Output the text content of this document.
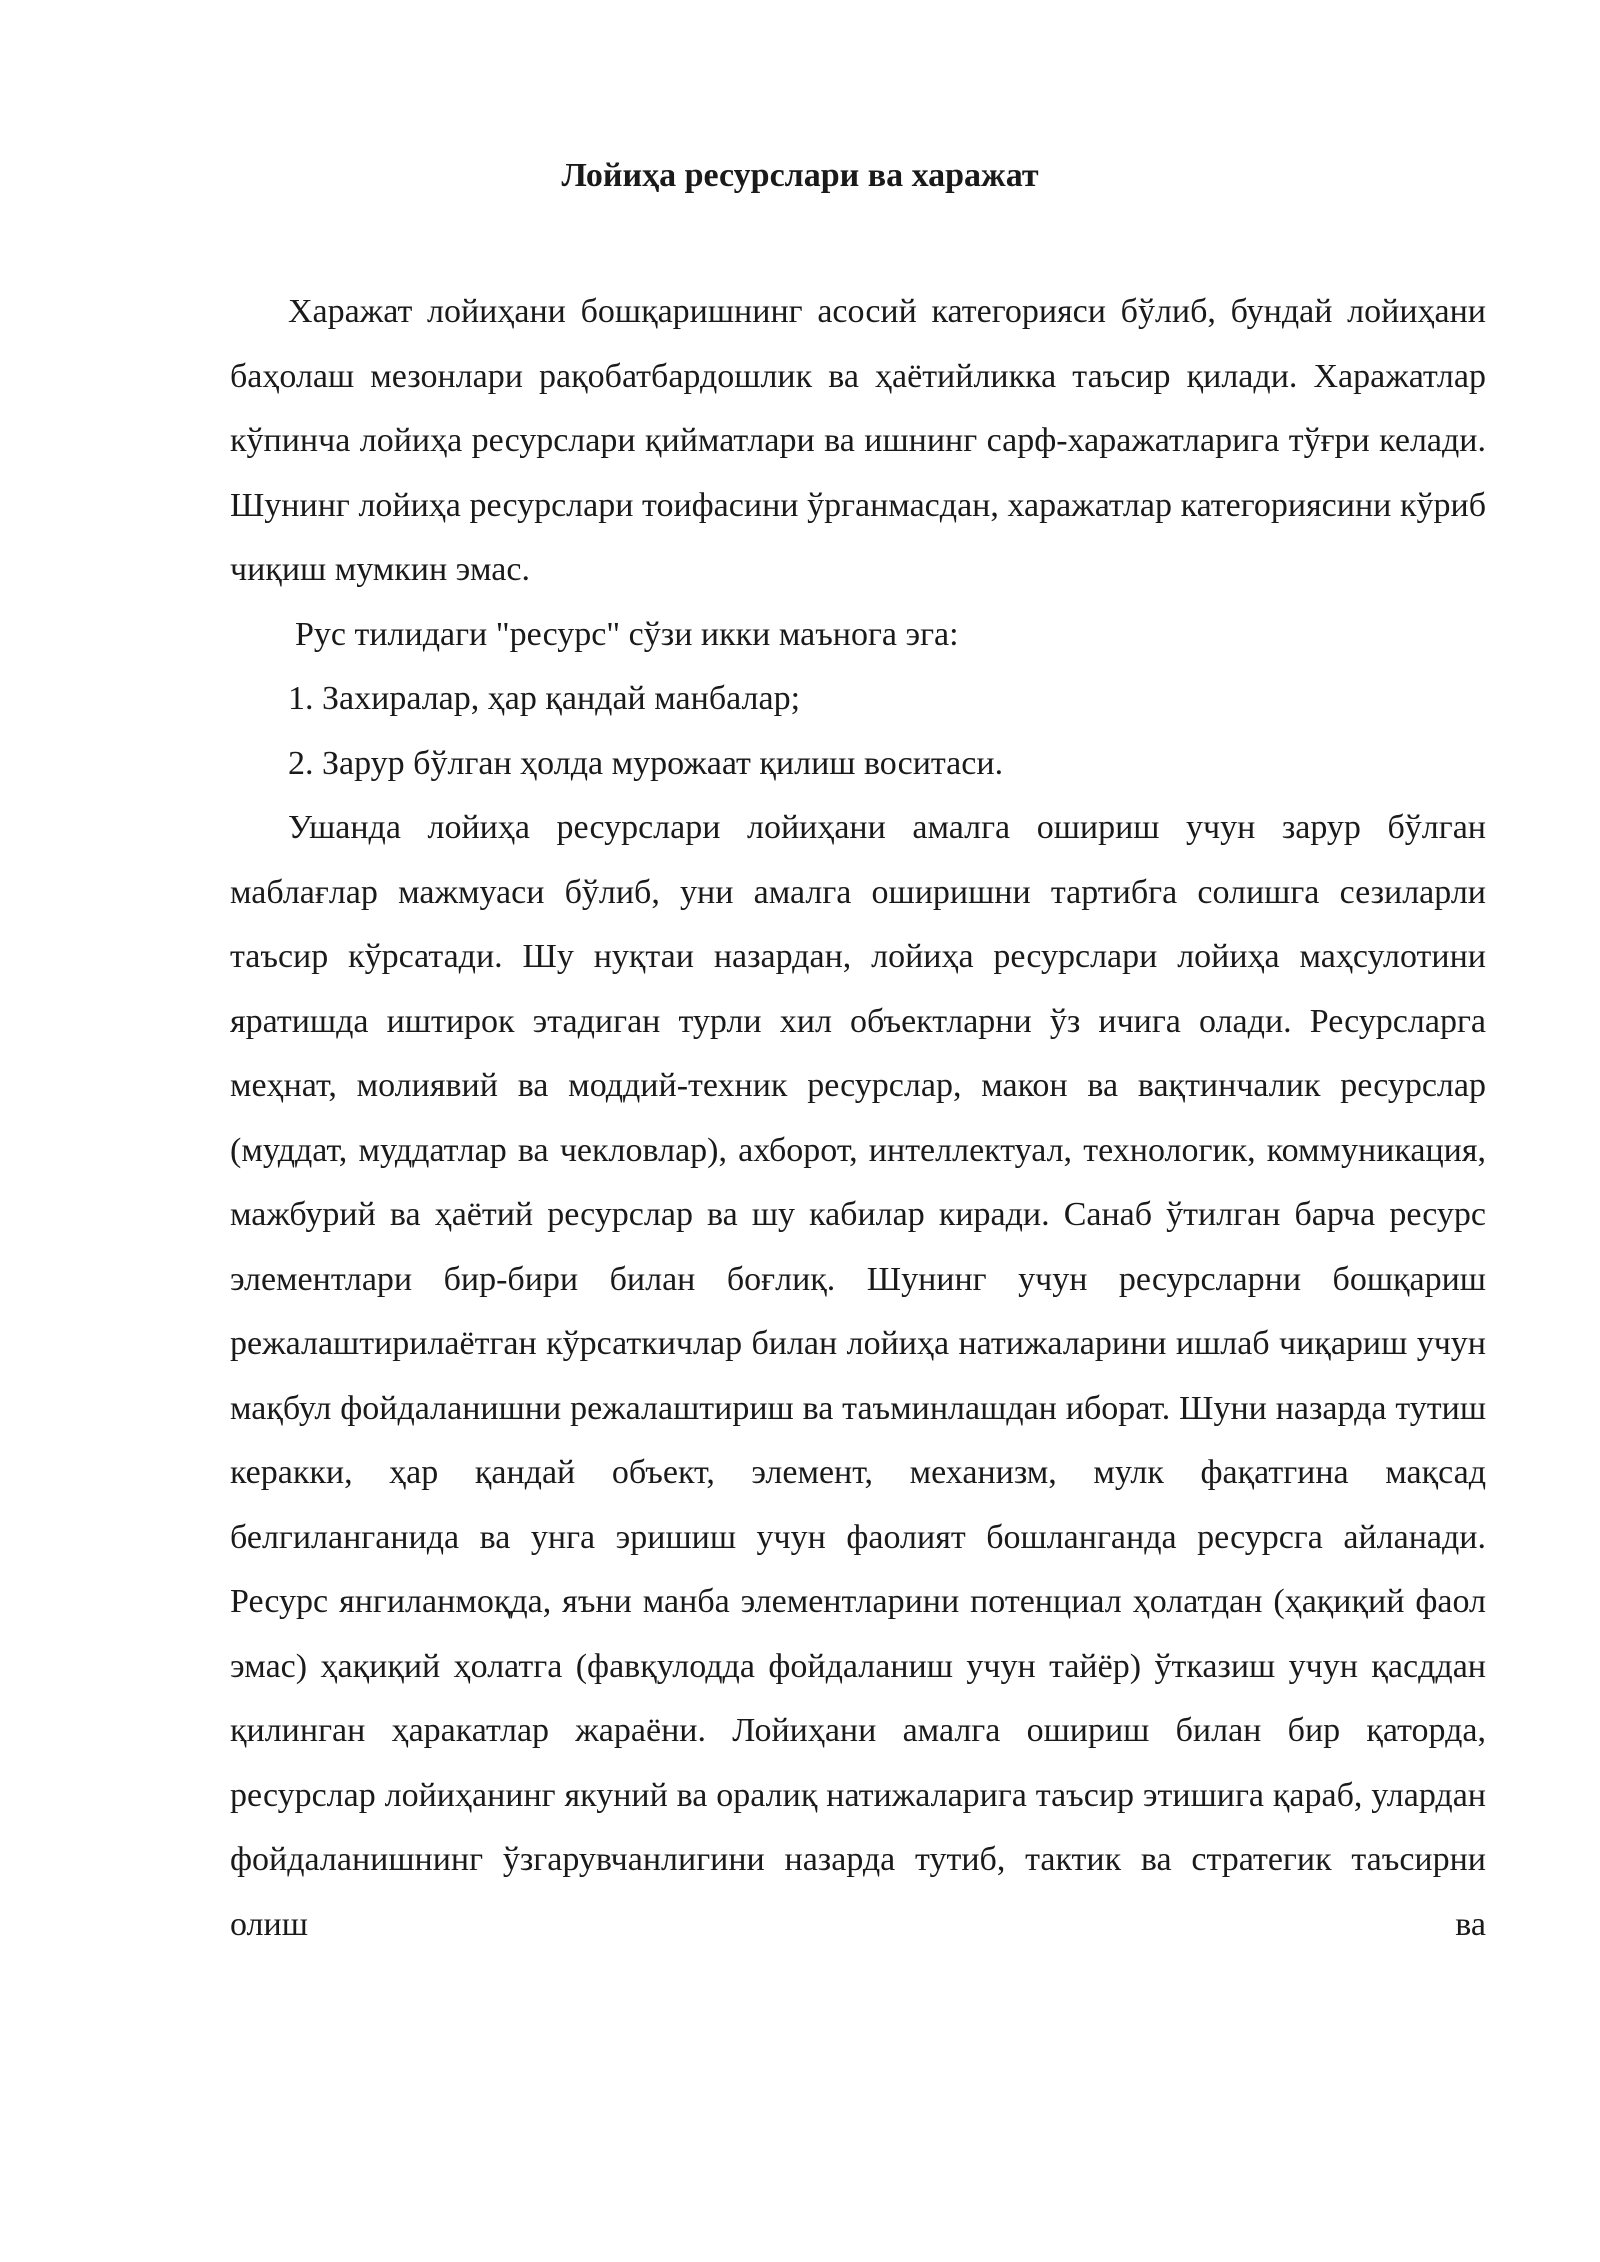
Лойиҳа ресурслари ва харажат

Харажат лойиҳани бошқаришнинг асосий категорияси бўлиб, бундай лойиҳани баҳолаш мезонлари рақобатбардошлик ва ҳаётийликка таъсир қилади. Харажатлар кўпинча лойиҳа ресурслари қийматлари ва ишнинг сарф-харажатларига тўғри келади. Шунинг лойиҳа ресурслари тоифасини ўрганмасдан, харажатлар категориясини кўриб чиқиш мумкин эмас.

Рус тилидаги "ресурс" сўзи икки маънога эга:

1. Захиралар, ҳар қандай манбалар;

2. Зарур бўлган ҳолда мурожаат қилиш воситаси.

Ушанда лойиҳа ресурслари лойиҳани амалга ошириш учун зарур бўлган маблағлар мажмуаси бўлиб, уни амалга оширишни тартибга солишга сезиларли таъсир кўрсатади. Шу нуқтаи назардан, лойиҳа ресурслари лойиҳа маҳсулотини яратишда иштирок этадиган турли хил объектларни ўз ичига олади. Ресурсларга меҳнат, молиявий ва моддий-техник ресурслар, макон ва вақтинчалик ресурслар (муддат, муддатлар ва чекловлар), ахборот, интеллектуал, технологик, коммуникация, мажбурий ва ҳаётий ресурслар ва шу кабилар киради. Санаб ўтилган барча ресурс элементлари бир-бири билан боғлиқ. Шунинг учун ресурсларни бошқариш режалаштирилаётган кўрсаткичлар билан лойиҳа натижаларини ишлаб чиқариш учун мақбул фойдаланишни режалаштириш ва таъминлашдан иборат. Шуни назарда тутиш керакки, ҳар қандай объект, элемент, механизм, мулк фақатгина мақсад белгиланганида ва унга эришиш учун фаолият бошланганда ресурсга айланади. Ресурс янгиланмоқда, яъни манба элементларини потенциал ҳолатдан (ҳақиқий фаол эмас) ҳақиқий ҳолатга (фавқулодда фойдаланиш учун тайёр) ўтказиш учун қасддан қилинган ҳаракатлар жараёни. Лойиҳани амалга ошириш билан бир қаторда, ресурслар лойиҳанинг якуний ва оралиқ натижаларига таъсир этишига қараб, улардан фойдаланишнинг ўзгарувчанлигини назарда тутиб, тактик ва стратегик таъсирни олиш ва
